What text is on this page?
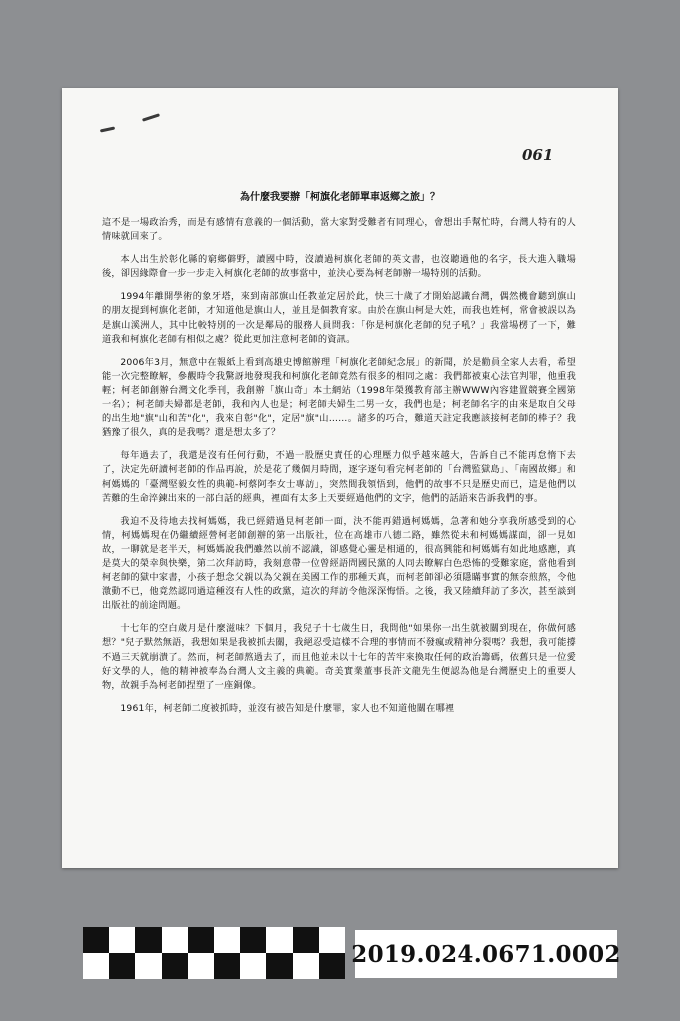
061
為什麼我要辦「柯旗化老師單車返鄉之旅」？

這不是一場政治秀，而是有感情有意義的一個活動，當大家對受難者有同理心，會想出手幫忙時，台灣人特有的人情味就回來了。

本人出生於彰化縣的窮鄉僻野，讀國中時，沒讀過柯旗化老師的英文書，也沒聽過他的名字，長大進入職場後，卻因緣際會一步一步走入柯旗化老師的故事當中，並決心要為柯老師辦一場特別的活動。

1994年離開學術的象牙塔，來到南部旗山任教並定居於此，快三十歲了才開始認識台灣，偶然機會聽到旗山的朋友提到柯旗化老師，才知道他是旗山人，並且是個教育家。由於在旗山柯是大姓，而我也姓柯，常會被誤以為是旗山溪洲人，其中比較特別的一次是鄰局的服務人員問我：「你是柯旗化老師的兒子吼？」我當場楞了一下，難道我和柯旗化老師有相似之處？從此更加注意柯老師的資訊。

2006年3月，無意中在報紙上看到高雄史博館辦理「柯旗化老師紀念展」的新聞，於是勸員全家人去看，希望能一次完整瞭解，參觀時令我驚訝地發現我和柯旗化老師竟然有很多的相同之處：我們都被東心法官判罪，他重我輕；柯老師創辦台灣文化季刊，我創辦「旗山奇」本土網站（1998年榮獲教育部主辦WWW內容建置競賽全國第一名）；柯老師夫婦都是老師，我和內人也是；柯老師夫婦生二男一女，我們也是；柯老師名字的由來是取自父母的出生地"旗"山和苦"化"，我來自彰"化"，定居"旗"山……。諸多的巧合，難道天註定我應該接柯老師的棒子？我猶豫了很久，真的是我嗎？還是想太多了？

每年過去了，我還是沒有任何行動，不過一股歷史責任的心理壓力似乎越來越大，告訴自己不能再怠惰下去了，決定先研讀柯老師的作品再說，於是花了幾個月時間，逐字逐句看完柯老師的「台灣監獄島」、「南國故鄉」和柯媽媽的「臺灣堅毅女性的典範-柯蔡阿李女士專訪」，突然間我領悟到，他們的故事不只是歷史而已，這是他們以苦難的生命淬鍊出來的一部白話的經典，裡面有太多上天要經過他們的文字，他們的話語來告訴我們的事。

我迫不及待地去找柯媽媽，我已經錯過見柯老師一面，決不能再錯過柯媽媽，急著和她分享我所感受到的心情，柯媽媽現在仍繼續經營柯老師創辦的第一出版社，位在高雄市八德二路，雖然從未和柯媽媽謀面，卻一見如故，一聊就是老半天，柯媽媽說我們雖然以前不認識，卻感覺心靈是相通的，很高興能和柯媽媽有如此地感應，真是莫大的榮幸與快樂，第二次拜訪時，我刻意帶一位曾經語問國民黨的人同去瞭解白色恐怖的受難家庭，當他看到柯老師的獄中家書，小孩子想念父親以為父親在美國工作的那種天真，而柯老師卻必須隱瞞事實的無奈煎熬，令他激動不已，他竟然認同過這種沒有人性的政黨，這次的拜訪令他深深悔悟。之後，我又陸續拜訪了多次，甚至談到出版社的前途問題。

十七年的空白歲月是什麼滋味？下個月，我兒子十七歲生日，我問他"如果你一出生就被關到現在，你做何感想？"兒子默然無語，我想如果是我被抓去關，我絕忍受這樣不合理的事情而不發瘋或精神分裂嗎？我想，我可能撐不過三天就崩潰了。然而，柯老師熬過去了，而且他並未以十七年的苦牢來換取任何的政治籌碼，依舊只是一位愛好文學的人，他的精神被奉為台灣人文主義的典範。奇美實業董事長許文龍先生便認為他是台灣歷史上的重要人物，故親手為柯老師捏塑了一座銅像。

1961年，柯老師二度被抓時，並沒有被告知是什麼罪，家人也不知道他關在哪裡

2019.024.0671.0002
